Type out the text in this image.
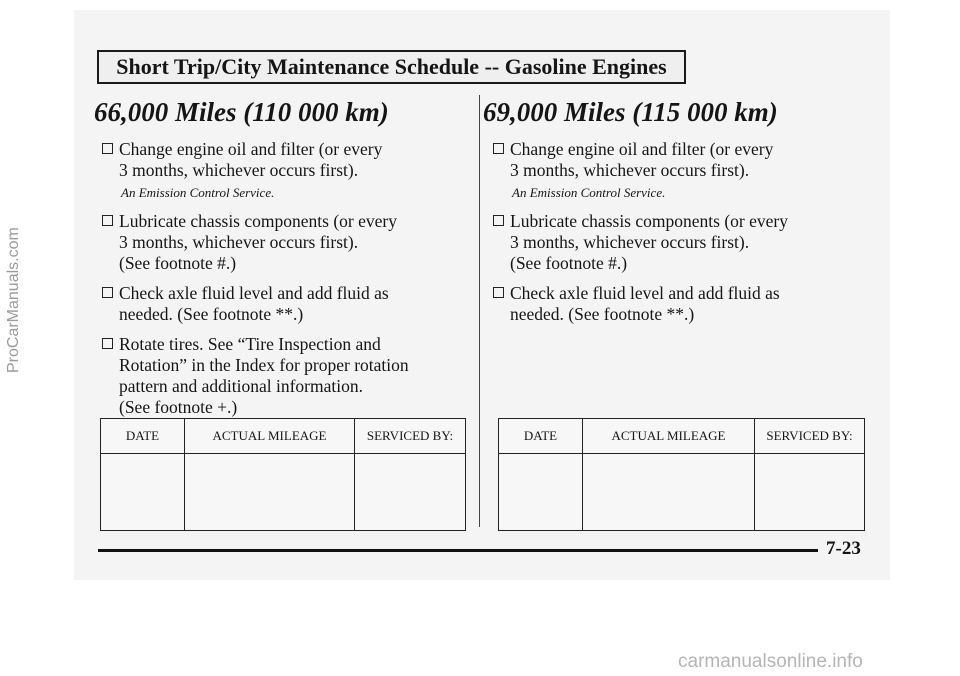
Short Trip/City Maintenance Schedule -- Gasoline Engines
66,000 Miles (110 000 km)
Change engine oil and filter (or every
3 months, whichever occurs first).
An Emission Control Service.
Lubricate chassis components (or every
3 months, whichever occurs first).
(See footnote #.)
Check axle fluid level and add fluid as
needed. (See footnote **.)
Rotate tires. See “Tire Inspection and
Rotation” in the Index for proper rotation
pattern and additional information.
(See footnote +.)
69,000 Miles (115 000 km)
Change engine oil and filter (or every
3 months, whichever occurs first).
An Emission Control Service.
Lubricate chassis components (or every
3 months, whichever occurs first).
(See footnote #.)
Check axle fluid level and add fluid as
needed. (See footnote **.)
DATE	ACTUAL MILEAGE	SERVICED BY:
			DATE	ACTUAL MILEAGE	SERVICED BY:

7-23
ProCarManuals.com
carmanualsonline.info
